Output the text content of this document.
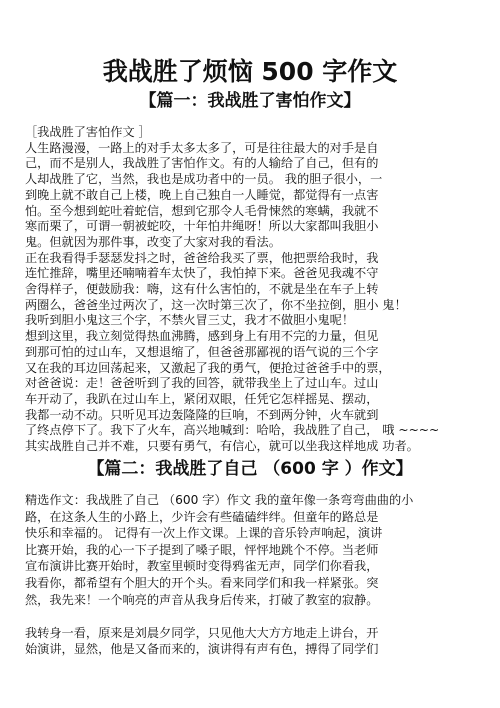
我战胜了烦恼 500 字作文
【篇一：我战胜了害怕作文】
［我战胜了害怕作文 ］
人生路漫漫，一路上的对手太多太多了，可是往往最大的对手是自
己，而不是别人，我战胜了害怕作文。有的人输给了自己，但有的
人却战胜了它，当然，我也是成功者中的一员。 我的胆子很小，一
到晚上就不敢自己上楼，晚上自己独自一人睡觉，都觉得有一点害
怕。至今想到蛇吐着蛇信，想到它那令人毛骨悚然的寒螨，我就不
寒而栗了，可谓一朝被蛇咬，十年怕井绳呀！所以大家都叫我胆小
鬼。但就因为那件事，改变了大家对我的看法。
正在我看得手瑟瑟发抖之时，爸爸给我买了票，他把票给我时，我
连忙推辞，嘴里还喃喃着车太快了，我怕掉下来。爸爸见我魂不守
舍得样子，便鼓励我：嗨，这有什么害怕的，不就是坐在车子上转
两圈么，爸爸坐过两次了，这一次时第三次了，你不坐拉倒，胆小 鬼！
我听到胆小鬼这三个字，不禁火冒三丈，我才不做胆小鬼呢！
想到这里，我立刻觉得热血沸腾，感到身上有用不完的力量，但见
到那可怕的过山车，又想退缩了，但爸爸那鄙视的语气说的三个字
又在我的耳边回荡起来，又激起了我的勇气，便抢过爸爸手中的票，
对爸爸说：走！爸爸听到了我的回答，就带我坐上了过山车。过山
车开动了，我趴在过山车上，紧闭双眼，任凭它怎样摇晃、摆动，
我都一动不动。只听见耳边轰隆隆的巨响，不到两分钟，火车就到
了终点停下了。我下了火车，高兴地喊到：哈哈，我战胜了自己， 哦 ~~~~
其实战胜自己并不难，只要有勇气，有信心，就可以坐我这样地成 功者。
【篇二：我战胜了自己 （600 字 ）作文】
精选作文：我战胜了自己 （600 字）作文 我的童年像一条弯弯曲曲的小
路，在这条人生的小路上，少许会有些磕磕绊绊。但童年的路总是
快乐和幸福的。 记得有一次上作文课。上课的音乐铃声响起，演讲
比赛开始，我的心一下子提到了嗓子眼，怦怦地跳个不停。当老师
宣布演讲比赛开始时，教室里顿时变得鸦雀无声，同学们你看我，
我看你，都希望有个胆大的开个头。看来同学们和我一样紧张。突
然，我先来！一个响亮的声音从我身后传来，打破了教室的寂静。
我转身一看，原来是刘晨夕同学，只见他大大方方地走上讲台，开
始演讲，显然，他是又备而来的，演讲得有声有色，搏得了同学们
